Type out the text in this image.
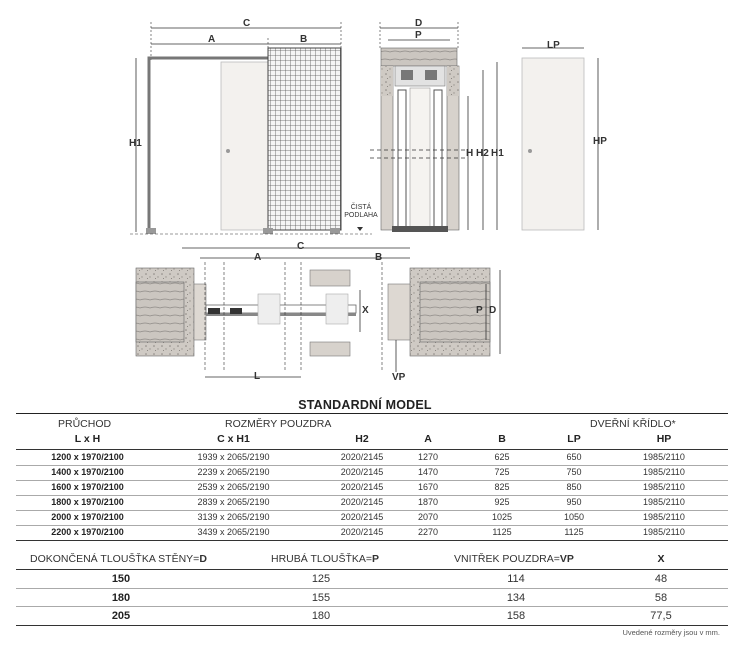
C
A	B
H1
ČISTÁ
PODLAHA
D
P
H H2 H1
LP
HP
C
A	B
X	P D
L	VP
STANDARDNÍ MODEL
PRŮCHOD	ROZMĚRY POUZDRA	DVEŘNÍ KŘÍDLO*
L x H	C x H1	H2	A	B	LP	HP
1200 x 1970/2100	1939 x 2065/2190	2020/2145	1270	625	650	1985/2110
1400 x 1970/2100	2239 x 2065/2190	2020/2145	1470	725	750	1985/2110
1600 x 1970/2100	2539 x 2065/2190	2020/2145	1670	825	850	1985/2110
1800 x 1970/2100	2839 x 2065/2190	2020/2145	1870	925	950	1985/2110
2000 x 1970/2100	3139 x 2065/2190	2020/2145	2070	1025	1050	1985/2110
2200 x 1970/2100	3439 x 2065/2190	2020/2145	2270	1125	1125	1985/2110
DOKONČENÁ TLOUŠŤKA STĚNY=D	HRUBÁ TLOUŠŤKA=P	VNITŘEK POUZDRA=VP	X
150	125	114	48
180	155	134	58
205	180	158	77,5
Uvedené rozměry jsou v mm.
